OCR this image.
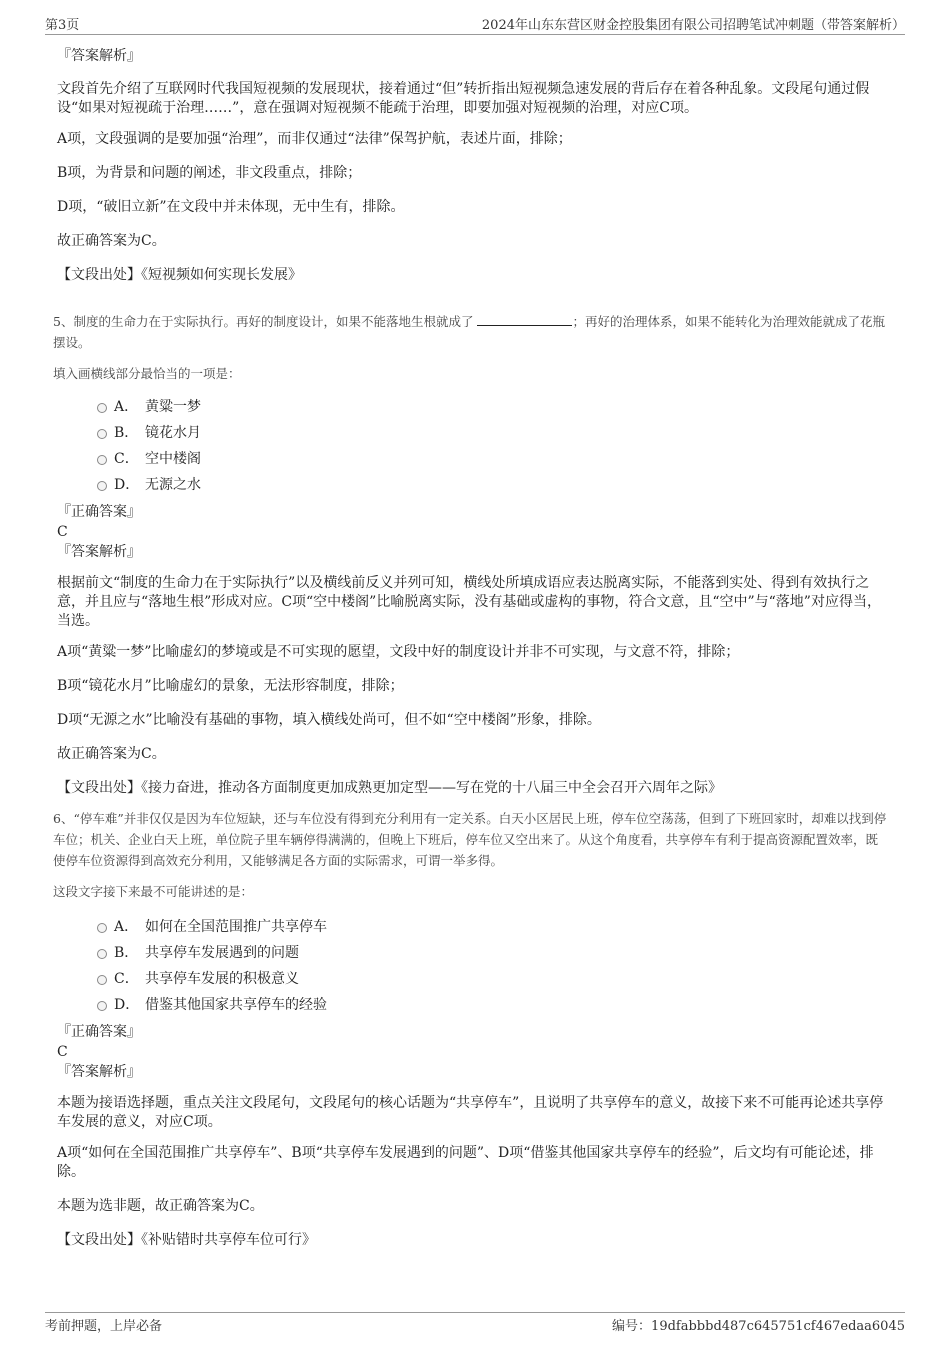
第3页	2024年山东东营区财金控股集团有限公司招聘笔试冲刺题（带答案解析）

『答案解析』

文段首先介绍了互联网时代我国短视频的发展现状，接着通过“但”转折指出短视频急速发展的背后存在着各种乱象。文段尾句通过假设“如果对短视疏于治理……”，意在强调对短视频不能疏于治理，即要加强对短视频的治理，对应C项。

A项，文段强调的是要加强“治理”，而非仅通过“法律”保驾护航，表述片面，排除；

B项，为背景和问题的阐述，非文段重点，排除；

D项，“破旧立新”在文段中并未体现，无中生有，排除。

故正确答案为C。

【文段出处】《短视频如何实现长发展》

5、制度的生命力在于实际执行。再好的制度设计，如果不能落地生根就成了	；再好的治理体系，如果不能转化为治理效能就成了花瓶摆设。

填入画横线部分最恰当的一项是：

A． 黄粱一梦
B． 镜花水月
C． 空中楼阁
D． 无源之水

『正确答案』

C

『答案解析』

根据前文“制度的生命力在于实际执行”以及横线前反义并列可知，横线处所填成语应表达脱离实际，不能落到实处、得到有效执行之意，并且应与“落地生根”形成对应。C项“空中楼阁”比喻脱离实际，没有基础或虚构的事物，符合文意，且“空中”与“落地”对应得当，当选。

A项“黄粱一梦”比喻虚幻的梦境或是不可实现的愿望，文段中好的制度设计并非不可实现，与文意不符，排除；

B项“镜花水月”比喻虚幻的景象，无法形容制度，排除；

D项“无源之水”比喻没有基础的事物，填入横线处尚可，但不如“空中楼阁”形象，排除。

故正确答案为C。

【文段出处】《接力奋进，推动各方面制度更加成熟更加定型——写在党的十八届三中全会召开六周年之际》

6、“停车难”并非仅仅是因为车位短缺，还与车位没有得到充分利用有一定关系。白天小区居民上班，停车位空荡荡，但到了下班回家时，却难以找到停车位；机关、企业白天上班，单位院子里车辆停得满满的，但晚上下班后，停车位又空出来了。从这个角度看，共享停车有利于提高资源配置效率，既使停车位资源得到高效充分利用，又能够满足各方面的实际需求，可谓一举多得。

这段文字接下来最不可能讲述的是：

A． 如何在全国范围推广共享停车
B． 共享停车发展遇到的问题
C． 共享停车发展的积极意义
D． 借鉴其他国家共享停车的经验

『正确答案』

C

『答案解析』

本题为接语选择题，重点关注文段尾句，文段尾句的核心话题为“共享停车”，且说明了共享停车的意义，故接下来不可能再论述共享停车发展的意义，对应C项。

A项“如何在全国范围推广共享停车”、B项“共享停车发展遇到的问题”、D项“借鉴其他国家共享停车的经验”，后文均有可能论述，排除。

本题为选非题，故正确答案为C。

【文段出处】《补贴错时共享停车位可行》

考前押题，上岸必备	编号：19dfabbbd487c645751cf467edaa6045
